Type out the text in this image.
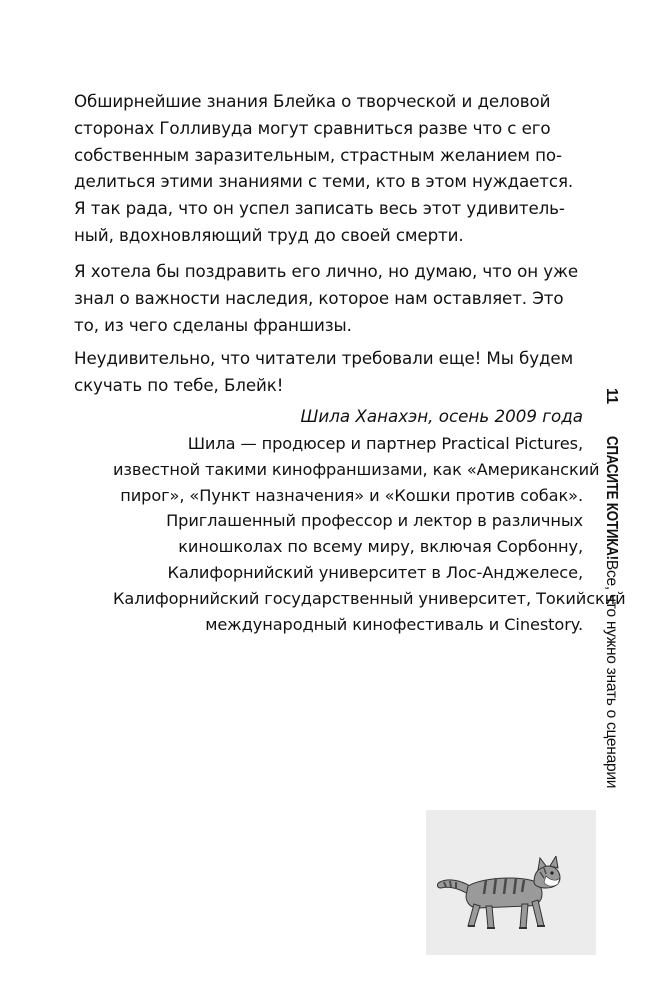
Обширнейшие знания Блейка о творческой и деловой
сторонах Голливуда могут сравниться разве что с его
собственным заразительным, страстным желанием по-
делиться этими знаниями с теми, кто в этом нуждается.
Я так рада, что он успел записать весь этот удивитель-
ный, вдохновляющий труд до своей смерти.

Я хотела бы поздравить его лично, но думаю, что он уже
знал о важности наследия, которое нам оставляет. Это
то, из чего сделаны франшизы.

Неудивительно, что читатели требовали еще! Мы будем
скучать по тебе, Блейк!

Шила Ханахэн, осень 2009 года

Шила — продюсер и партнер Practical Pictures,
известной такими кинофраншизами, как «Американский
пирог», «Пункт назначения» и «Кошки против собак».
Приглашенный профессор и лектор в различных
киношколах по всему миру, включая Сорбонну,
Калифорнийский университет в Лос-Анджелесе,
Калифорнийский государственный университет, Токийский
международный кинофестиваль и Cinestory.

11 СПАСИТЕ КОТИКА! Все, что нужно знать о сценарии
